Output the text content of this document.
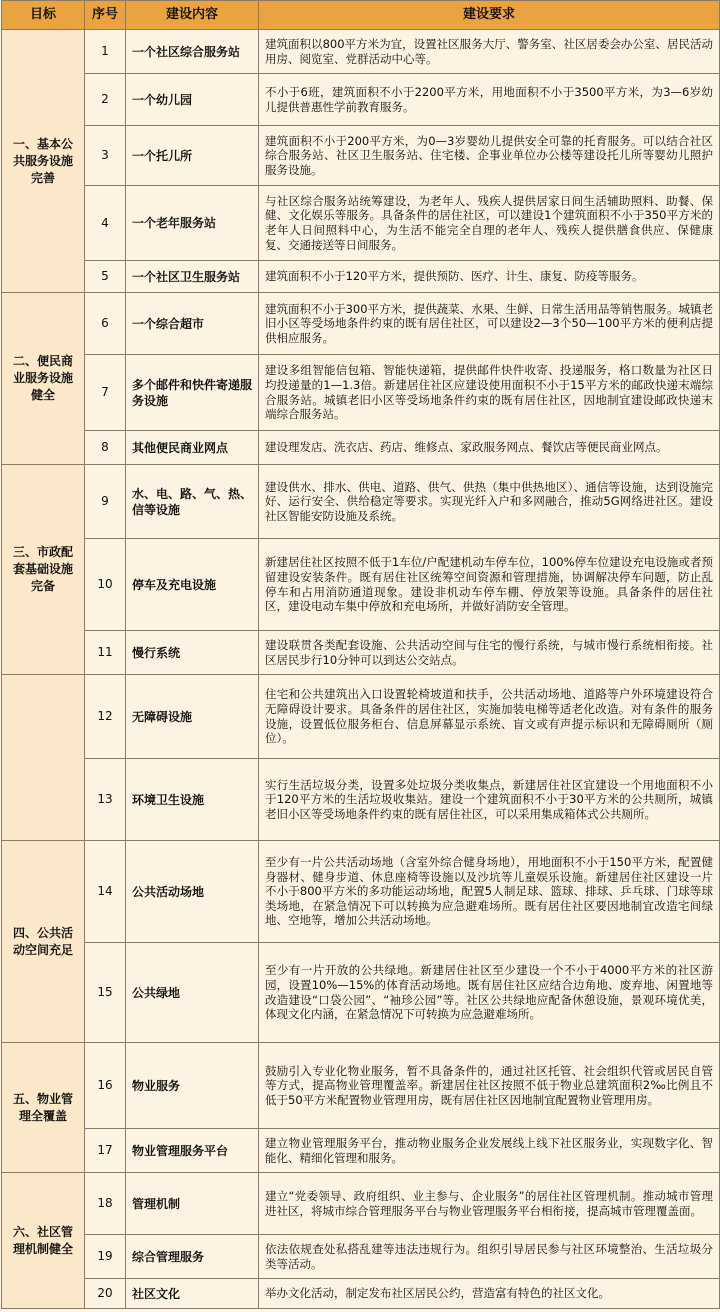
目标	序号	建设内容	建设要求
一、基本公共服务设施完善	1	一个社区综合服务站	建筑面积以800平方米为宜，设置社区服务大厅、警务室、社区居委会办公室、居民活动用房、阅览室、党群活动中心等。
	2	一个幼儿园	不小于6班，建筑面积不小于2200平方米，用地面积不小于3500平方米，为3—6岁幼儿提供普惠性学前教育服务。
	3	一个托儿所	建筑面积不小于200平方米，为0—3岁婴幼儿提供安全可靠的托育服务。可以结合社区综合服务站、社区卫生服务站、住宅楼、企事业单位办公楼等建设托儿所等婴幼儿照护服务设施。
	4	一个老年服务站	与社区综合服务站统筹建设，为老年人、残疾人提供居家日间生活辅助照料、助餐、保健、文化娱乐等服务。具备条件的居住社区，可以建设1个建筑面积不小于350平方米的老年人日间照料中心，为生活不能完全自理的老年人、残疾人提供膳食供应、保健康复、交通接送等日间服务。
	5	一个社区卫生服务站	建筑面积不小于120平方米，提供预防、医疗、计生、康复、防疫等服务。
二、便民商业服务设施健全	6	一个综合超市	建筑面积不小于300平方米，提供蔬菜、水果、生鲜、日常生活用品等销售服务。城镇老旧小区等受场地条件约束的既有居住社区，可以建设2—3个50—100平方米的便利店提供相应服务。
	7	多个邮件和快件寄递服务设施	建设多组智能信包箱、智能快递箱，提供邮件快件收寄、投递服务，格口数量为社区日均投递量的1—1.3倍。新建居住社区应建设使用面积不小于15平方米的邮政快递末端综合服务站。城镇老旧小区等受场地条件约束的既有居住社区，因地制宜建设邮政快递末端综合服务站。
	8	其他便民商业网点	建设理发店、洗衣店、药店、维修点、家政服务网点、餐饮店等便民商业网点。
三、市政配套基础设施完备	9	水、电、路、气、热、信等设施	建设供水、排水、供电、道路、供气、供热（集中供热地区）、通信等设施，达到设施完好、运行安全、供给稳定等要求。实现光纤入户和多网融合，推动5G网络进社区。建设社区智能安防设施及系统。
	10	停车及充电设施	新建居住社区按照不低于1车位/户配建机动车停车位，100%停车位建设充电设施或者预留建设安装条件。既有居住社区统筹空间资源和管理措施，协调解决停车问题，防止乱停车和占用消防通道现象。建设非机动车停车棚、停放架等设施。具备条件的居住社区，建设电动车集中停放和充电场所，并做好消防安全管理。
	11	慢行系统	建设联贯各类配套设施、公共活动空间与住宅的慢行系统，与城市慢行系统相衔接。社区居民步行10分钟可以到达公交站点。
	12	无障碍设施	住宅和公共建筑出入口设置轮椅坡道和扶手，公共活动场地、道路等户外环境建设符合无障碍设计要求。具备条件的居住社区，实施加装电梯等适老化改造。对有条件的服务设施，设置低位服务柜台、信息屏幕显示系统、盲文或有声提示标识和无障碍厕所（厕位）。
	13	环境卫生设施	实行生活垃圾分类，设置多处垃圾分类收集点，新建居住社区宜建设一个用地面积不小于120平方米的生活垃圾收集站。建设一个建筑面积不小于30平方米的公共厕所，城镇老旧小区等受场地条件约束的既有居住社区，可以采用集成箱体式公共厕所。
四、公共活动空间充足	14	公共活动场地	至少有一片公共活动场地（含室外综合健身场地），用地面积不小于150平方米，配置健身器材、健身步道、休息座椅等设施以及沙坑等儿童娱乐设施。新建居住社区建设一片不小于800平方米的多功能运动场地，配置5人制足球、篮球、排球、乒乓球、门球等球类场地，在紧急情况下可以转换为应急避难场所。既有居住社区要因地制宜改造宅间绿地、空地等，增加公共活动场地。
	15	公共绿地	至少有一片开放的公共绿地。新建居住社区至少建设一个不小于4000平方米的社区游园，设置10%—15%的体育活动场地。既有居住社区应结合边角地、废弃地、闲置地等改造建设“口袋公园”、“袖珍公园”等。社区公共绿地应配备休憩设施，景观环境优美，体现文化内涵，在紧急情况下可转换为应急避难场所。
五、物业管理全覆盖	16	物业服务	鼓励引入专业化物业服务，暂不具备条件的，通过社区托管、社会组织代管或居民自管等方式，提高物业管理覆盖率。新建居住社区按照不低于物业总建筑面积2‰比例且不低于50平方米配置物业管理用房，既有居住社区因地制宜配置物业管理用房。
	17	物业管理服务平台	建立物业管理服务平台，推动物业服务企业发展线上线下社区服务业，实现数字化、智能化、精细化管理和服务。
六、社区管理机制健全	18	管理机制	建立“党委领导、政府组织、业主参与、企业服务”的居住社区管理机制。推动城市管理进社区，将城市综合管理服务平台与物业管理服务平台相衔接，提高城市管理覆盖面。
	19	综合管理服务	依法依规查处私搭乱建等违法违规行为。组织引导居民参与社区环境整治、生活垃圾分类等活动。
	20	社区文化	举办文化活动，制定发布社区居民公约，营造富有特色的社区文化。
